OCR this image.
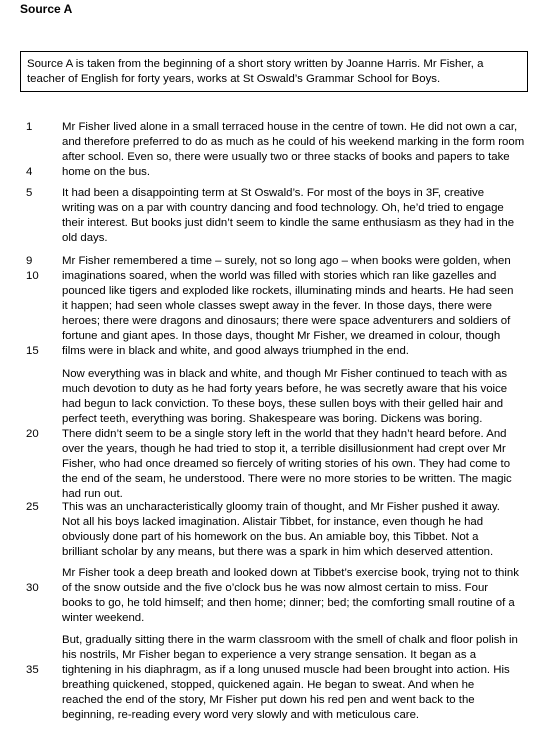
Source A
Source A is taken from the beginning of a short story written by Joanne Harris. Mr Fisher, a
teacher of English for forty years, works at St Oswald’s Grammar School for Boys.
1	Mr Fisher lived alone in a small terraced house in the centre of town. He did not own a car,
and therefore preferred to do as much as he could of his weekend marking in the form room
after school. Even so, there were usually two or three stacks of books and papers to take
4	home on the bus.
5	It had been a disappointing term at St Oswald’s. For most of the boys in 3F, creative
writing was on a par with country dancing and food technology. Oh, he’d tried to engage
their interest. But books just didn’t seem to kindle the same enthusiasm as they had in the
old days.
9	Mr Fisher remembered a time – surely, not so long ago – when books were golden, when
10	imaginations soared, when the world was filled with stories which ran like gazelles and
pounced like tigers and exploded like rockets, illuminating minds and hearts. He had seen
it happen; had seen whole classes swept away in the fever. In those days, there were
heroes; there were dragons and dinosaurs; there were space adventurers and soldiers of
fortune and giant apes. In those days, thought Mr Fisher, we dreamed in colour, though
15	films were in black and white, and good always triumphed in the end.
Now everything was in black and white, and though Mr Fisher continued to teach with as
much devotion to duty as he had forty years before, he was secretly aware that his voice
had begun to lack conviction. To these boys, these sullen boys with their gelled hair and
perfect teeth, everything was boring. Shakespeare was boring. Dickens was boring.
20	There didn’t seem to be a single story left in the world that they hadn’t heard before. And
over the years, though he had tried to stop it, a terrible disillusionment had crept over Mr
Fisher, who had once dreamed so fiercely of writing stories of his own. They had come to
the end of the seam, he understood. There were no more stories to be written. The magic
had run out.
25	This was an uncharacteristically gloomy train of thought, and Mr Fisher pushed it away.
Not all his boys lacked imagination. Alistair Tibbet, for instance, even though he had
obviously done part of his homework on the bus. An amiable boy, this Tibbet. Not a
brilliant scholar by any means, but there was a spark in him which deserved attention.
Mr Fisher took a deep breath and looked down at Tibbet’s exercise book, trying not to think
30	of the snow outside and the five o’clock bus he was now almost certain to miss. Four
books to go, he told himself; and then home; dinner; bed; the comforting small routine of a
winter weekend.
But, gradually sitting there in the warm classroom with the smell of chalk and floor polish in
his nostrils, Mr Fisher began to experience a very strange sensation. It began as a
35	tightening in his diaphragm, as if a long unused muscle had been brought into action. His
breathing quickened, stopped, quickened again. He began to sweat. And when he
reached the end of the story, Mr Fisher put down his red pen and went back to the
beginning, re-reading every word very slowly and with meticulous care.
